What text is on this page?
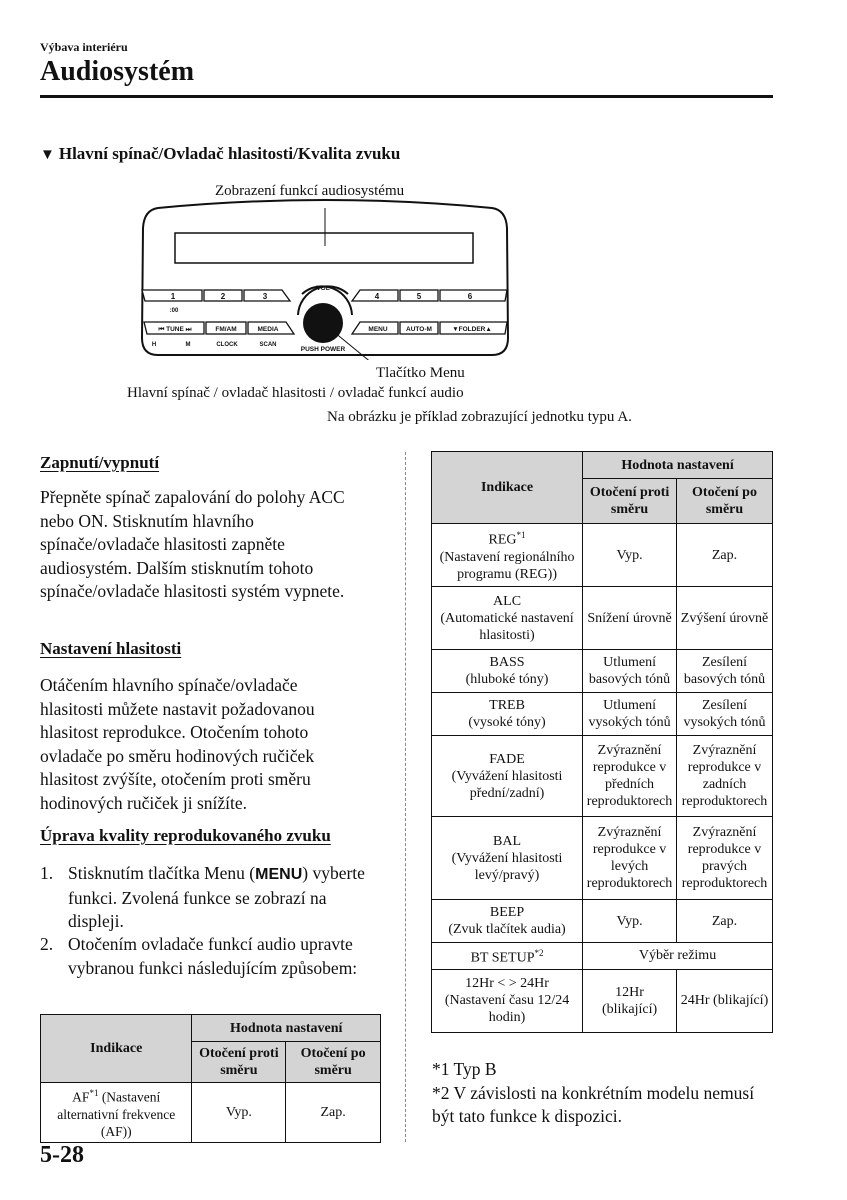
Výbava interiéru
Audiosystém
▼ Hlavní spínač/Ovladač hlasitosti/Kvalita zvuku
Zobrazení funkcí audiosystému
1	2	3	4	5	6
:00
⏮ TUNE ⏭	FM/AM	MEDIA	MENU	AUTO-M	▼FOLDER▲
H	M	CLOCK	SCAN
VOL
PUSH POWER
Tlačítko Menu
Hlavní spínač / ovladač hlasitosti / ovladač funkcí audio
Na obrázku je příklad zobrazující jednotku typu A.
Zapnutí/vypnutí
Přepněte spínač zapalování do polohy ACC nebo ON. Stisknutím hlavního spínače/ovladače hlasitosti zapněte audiosystém. Dalším stisknutím tohoto spínače/ovladače hlasitosti systém vypnete.
Nastavení hlasitosti
Otáčením hlavního spínače/ovladače hlasitosti můžete nastavit požadovanou hlasitost reprodukce. Otočením tohoto ovladače po směru hodinových ručiček hlasitost zvýšíte, otočením proti směru hodinových ručiček ji snížíte.
Úprava kvality reprodukovaného zvuku
1. Stisknutím tlačítka Menu (MENU) vyberte funkci. Zvolená funkce se zobrazí na displeji.
2. Otočením ovladače funkcí audio upravte vybranou funkci následujícím způsobem:
Indikace	Hodnota nastavení	
	Otočení proti směru	Otočení po směru
AF$^{*1}$ (Nastavení alternativní frekvence (AF))	Vyp.	Zap.
Indikace	Hodnota nastavení	
	Otočení proti směru	Otočení po směru
REG$^{*1}$
(Nastavení regionálního programu (REG))	Vyp.	Zap.
ALC
(Automatické nastavení hlasitosti)	Snížení úrovně	Zvýšení úrovně
BASS
(hluboké tóny)	Utlumení basových tónů	Zesílení basových tónů
TREB
(vysoké tóny)	Utlumení vysokých tónů	Zesílení vysokých tónů
FADE
(Vyvážení hlasitosti přední/zadní)	Zvýraznění reprodukce v předních reproduktorech	Zvýraznění reprodukce v zadních reproduktorech
BAL
(Vyvážení hlasitosti levý/pravý)	Zvýraznění reprodukce v levých reproduktorech	Zvýraznění reprodukce v pravých reproduktorech
BEEP
(Zvuk tlačítek audia)	Vyp.	Zap.
BT SETUP$^{*2}$	Výběr režimu	
12Hr < > 24Hr
(Nastavení času 12/24 hodin)	12Hr (blikající)	24Hr (blikající)
*1 Typ B
*2 V závislosti na konkrétním modelu nemusí být tato funkce k dispozici.
5-28
